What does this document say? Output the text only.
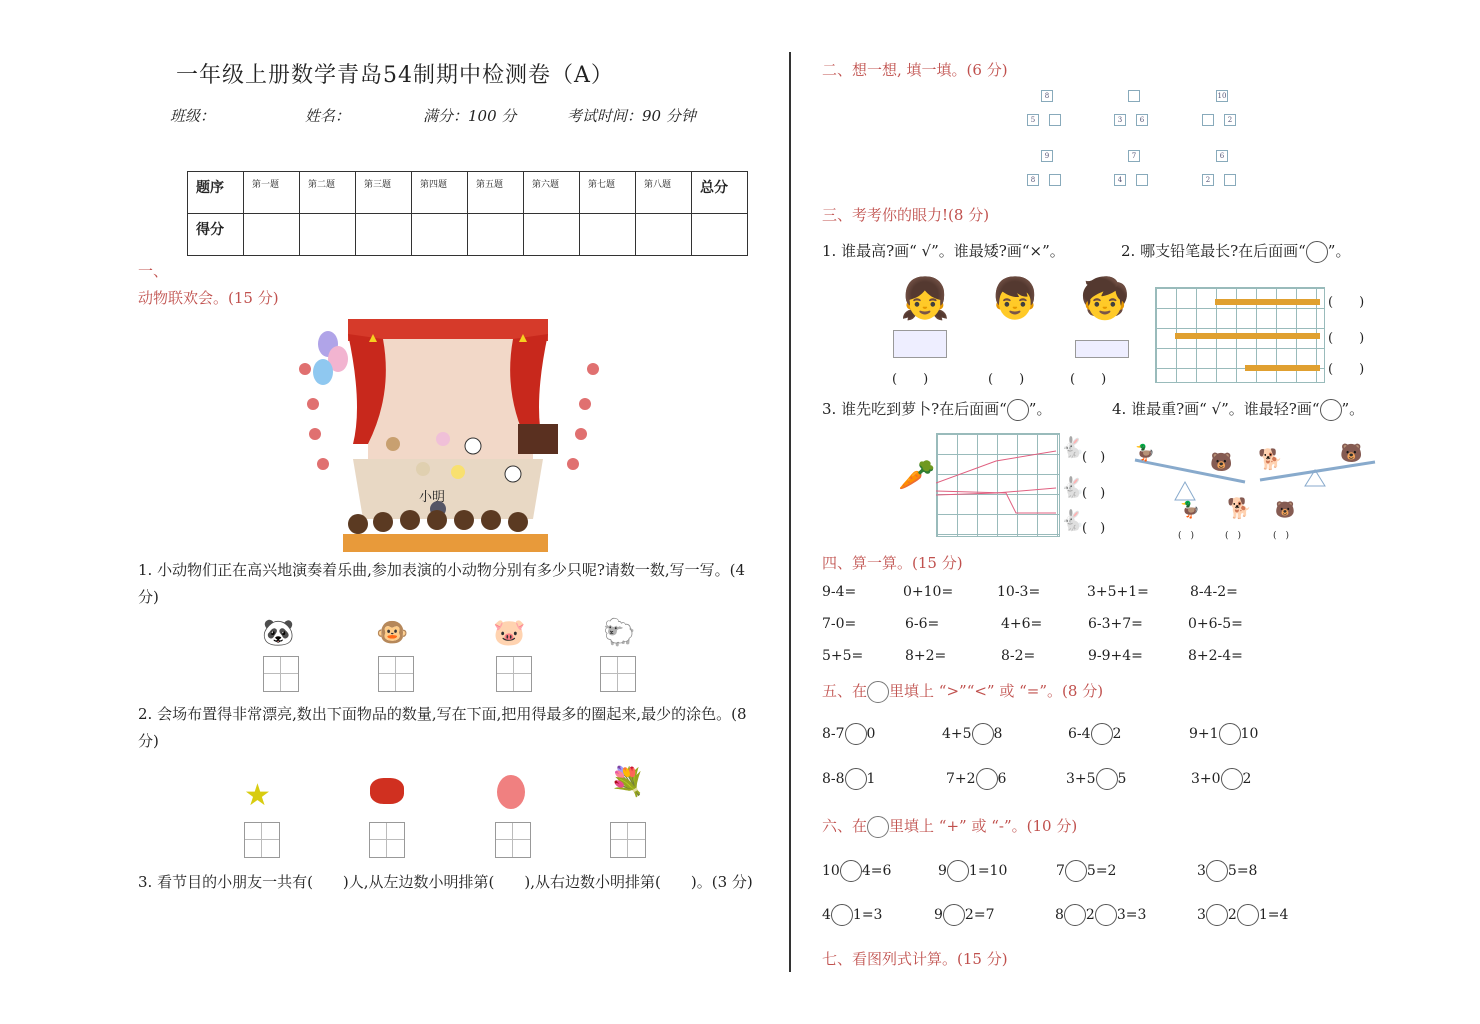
一年级上册数学青岛54制期中检测卷（A）
班级：	姓名：	满分：100 分	考试时间：90 分钟
题序	第一题	第二题	第三题	第四题	第五题	第六题	第七题	第八题	总分
得分									
一、
动物联欢会。(15 分)
小明
1. 小动物们正在高兴地演奏着乐曲,参加表演的小动物分别有多少只呢?请数一数,写一写。(4 分)
🐼	🐵	🐷	🐑
2. 会场布置得非常漂亮,数出下面物品的数量,写在下面,把用得最多的圈起来,最少的涂色。(8 分)
★	💐
3. 看节目的小朋友一共有(　　)人,从左边数小明排第(　　),从右边数小明排第(　　)。(3 分)
二、想一想, 填一填。(6 分)
8
5	3	6
10
2
9
8
7
4
6
2
三、考考你的眼力!(8 分)
1. 谁最高?画“ √”。谁最矮?画“×”。	2. 哪支铅笔最长?在后面画“ ”。
👧 👦 🧒
(　　)	(　　)	(　　)
(　　)
(　　)
(　　)
3. 谁先吃到萝卜?在后面画“ ”。	4. 谁最重?画“ √”。谁最轻?画“ ”。
🥕
🐇
🐇
🐇
(　)
(　)
(　)
🦆	🐻 🐕	🐻
🦆 🐕 🐻
(　)	(　)	(　)
四、算一算。(15 分)
9-4=	0+10=	10-3=	3+5+1=	8-4-2=
7-0=	6-6=	4+6=	6-3+7=	0+6-5=
5+5=	8+2=	8-2=	9-9+4=	8+2-4=
五、在 里填上 “>”“<” 或 “=”。(8 分)
8-7 0	4+5 8	6-4 2	9+1 10
8-8 1	7+2 6	3+5 5	3+0 2
六、在 里填上 “+” 或 “-”。(10 分)
10 4=6	9 1=10	7 5=2	3 5=8
4 1=3	9 2=7	8 2 3=3	3 2 1=4
七、看图列式计算。(15 分)
